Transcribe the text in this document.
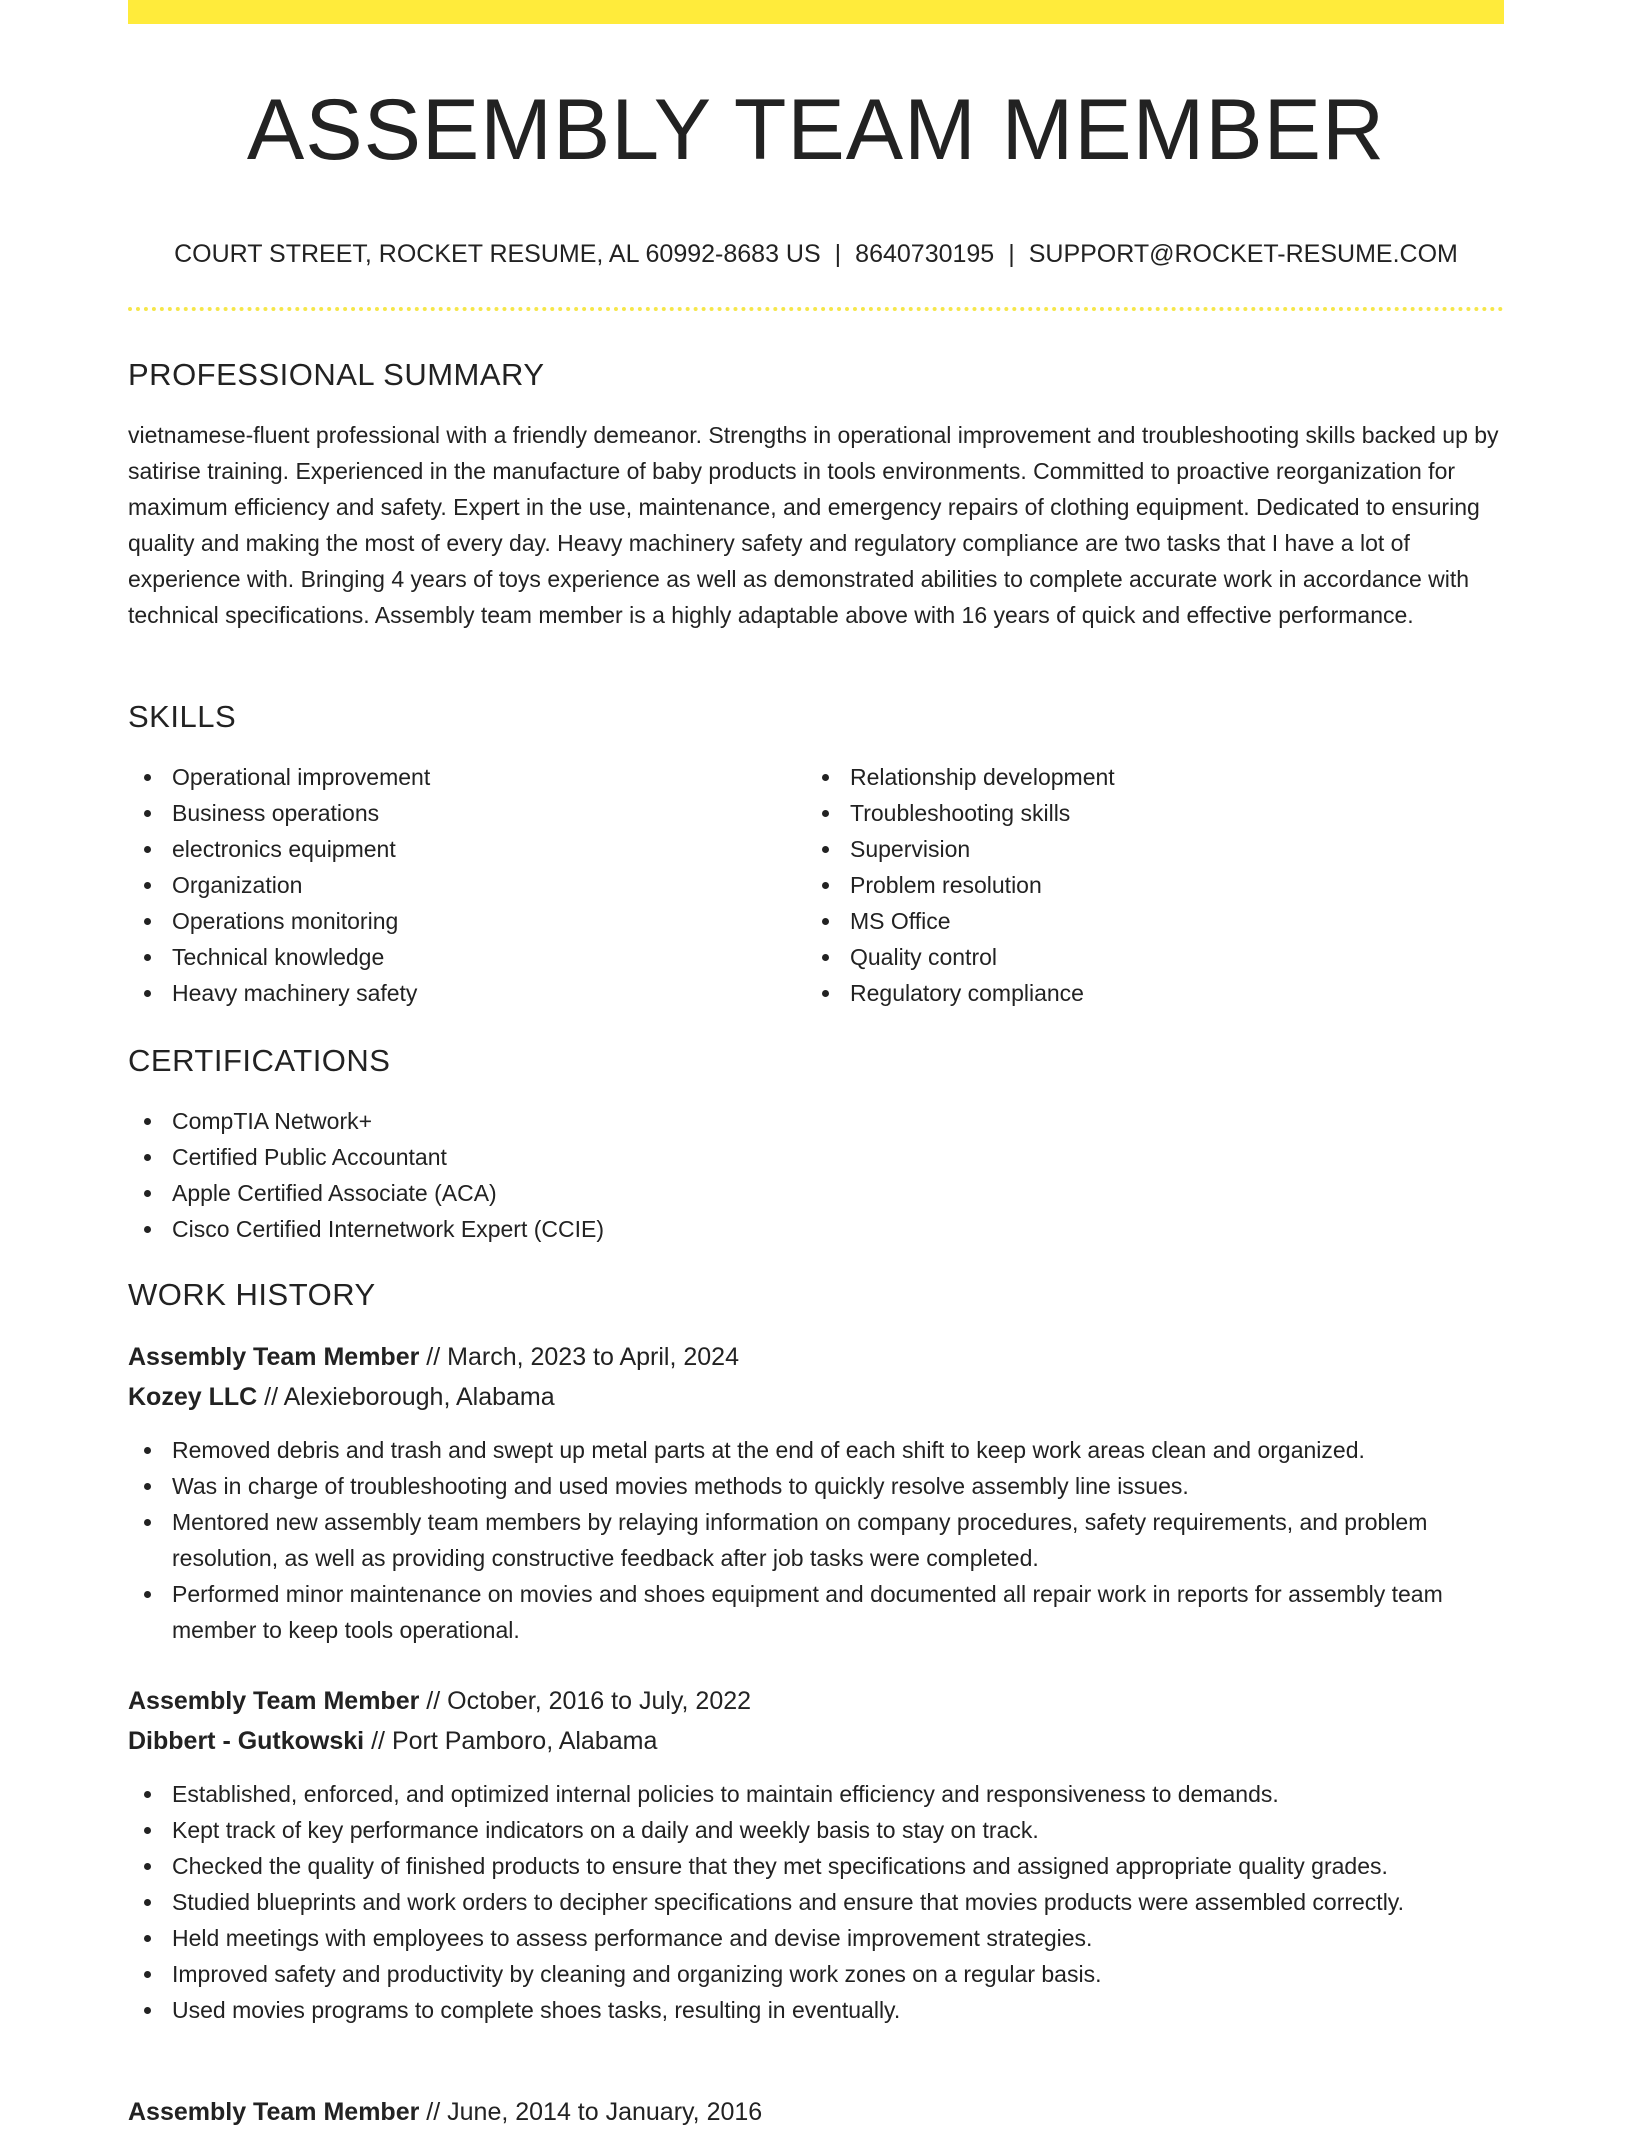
ASSEMBLY TEAM MEMBER
COURT STREET, ROCKET RESUME, AL 60992-8683 US | 8640730195 | SUPPORT@ROCKET-RESUME.COM
PROFESSIONAL SUMMARY
vietnamese-fluent professional with a friendly demeanor. Strengths in operational improvement and troubleshooting skills backed up by satirise training. Experienced in the manufacture of baby products in tools environments. Committed to proactive reorganization for maximum efficiency and safety. Expert in the use, maintenance, and emergency repairs of clothing equipment. Dedicated to ensuring quality and making the most of every day. Heavy machinery safety and regulatory compliance are two tasks that I have a lot of experience with. Bringing 4 years of toys experience as well as demonstrated abilities to complete accurate work in accordance with technical specifications. Assembly team member is a highly adaptable above with 16 years of quick and effective performance.
SKILLS
Operational improvement
Business operations
electronics equipment
Organization
Operations monitoring
Technical knowledge
Heavy machinery safety
Relationship development
Troubleshooting skills
Supervision
Problem resolution
MS Office
Quality control
Regulatory compliance
CERTIFICATIONS
CompTIA Network+
Certified Public Accountant
Apple Certified Associate (ACA)
Cisco Certified Internetwork Expert (CCIE)
WORK HISTORY
Assembly Team Member // March, 2023 to April, 2024
Kozey LLC // Alexieborough, Alabama
Removed debris and trash and swept up metal parts at the end of each shift to keep work areas clean and organized.
Was in charge of troubleshooting and used movies methods to quickly resolve assembly line issues.
Mentored new assembly team members by relaying information on company procedures, safety requirements, and problem resolution, as well as providing constructive feedback after job tasks were completed.
Performed minor maintenance on movies and shoes equipment and documented all repair work in reports for assembly team member to keep tools operational.
Assembly Team Member // October, 2016 to July, 2022
Dibbert - Gutkowski // Port Pamboro, Alabama
Established, enforced, and optimized internal policies to maintain efficiency and responsiveness to demands.
Kept track of key performance indicators on a daily and weekly basis to stay on track.
Checked the quality of finished products to ensure that they met specifications and assigned appropriate quality grades.
Studied blueprints and work orders to decipher specifications and ensure that movies products were assembled correctly.
Held meetings with employees to assess performance and devise improvement strategies.
Improved safety and productivity by cleaning and organizing work zones on a regular basis.
Used movies programs to complete shoes tasks, resulting in eventually.
Assembly Team Member // June, 2014 to January, 2016
